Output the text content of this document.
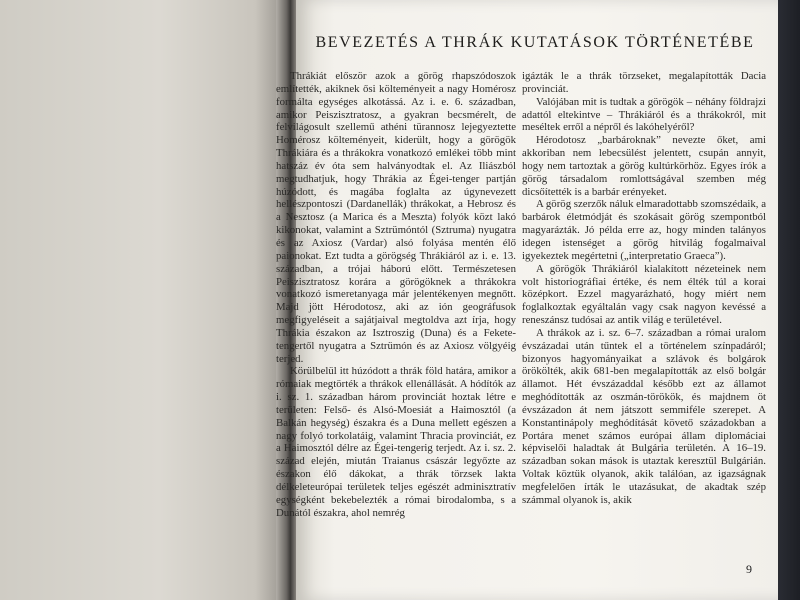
BEVEZETÉS A THRÁK KUTATÁSOK TÖRTÉNETÉBE

Thrákiát először azok a görög rhapszódoszok említették, akiknek ősi költeményeit a nagy Homérosz formálta egységes alkotássá. Az i. e. 6. században, amikor Peiszisztratosz, a gyakran becsmérelt, de felvilágosult szellemű athéni türannosz lejegyeztette Homérosz költeményeit, kiderült, hogy a görögök Thrákiára és a thrákokra vonatkozó emlékei több mint hatszáz év óta sem halványodtak el. Az Iliászból megtudhatjuk, hogy Thrákia az Égei-tenger partján húzódott, és magába foglalta az úgynevezett hellészpontoszi (Dardanellák) thrákokat, a Hebrosz és a Nesztosz (a Marica és a Meszta) folyók közt lakó kikonokat, valamint a Sztrümóntól (Sztruma) nyugatra és az Axiosz (Vardar) alsó folyása mentén élő paionokat. Ezt tudta a görögség Thrákiáról az i. e. 13. században, a trójai háború előtt. Természetesen Peiszisztratosz korára a görögöknek a thrákokra vonatkozó ismeretanyaga már jelentékenyen megnőtt. Majd jött Hérodotosz, aki az ión geográfusok megfigyeléseit a sajátjaival megtoldva azt írja, hogy Thrákia északon az Isztroszig (Duna) és a Fekete-tengertől nyugatra a Sztrümón és az Axiosz völgyéig terjed.

Körülbelül itt húzódott a thrák föld határa, amikor a rómaiak megtörték a thrákok ellenállását. A hódítók az i. sz. 1. században három provinciát hoztak létre e területen: Felső- és Alsó-Moesiát a Haimosztól (a Balkán hegység) északra és a Duna mellett egészen a nagy folyó torkolatáig, valamint Thracia provinciát, ez a Haimosztól délre az Égei-tengerig terjedt. Az i. sz. 2. század elején, miután Traianus császár legyőzte az északon élő dákokat, a thrák törzsek lakta délkeleteurópai területek teljes egészét adminisztratív egységként bekebelezték a római birodalomba, s a Dunától északra, ahol nemrég

igázták le a thrák törzseket, megalapították Dacia provinciát.

Valójában mit is tudtak a görögök – néhány földrajzi adattól eltekintve – Thrákiáról és a thrákokról, mit meséltek erről a népről és lakóhelyéről?

Hérodotosz „barbároknak” nevezte őket, ami akkoriban nem lebecsülést jelentett, csupán annyit, hogy nem tartoztak a görög kultúrkörhöz. Egyes írók a görög társadalom romlottságával szemben még dicsőítették is a barbár erényeket.

A görög szerzők náluk elmaradottabb szomszédaik, a barbárok életmódját és szokásait görög szempontból magyarázták. Jó példa erre az, hogy minden talányos idegen istenséget a görög hitvilág fogalmaival igyekeztek megértetni („interpretatio Graeca”).

A görögök Thrákiáról kialakított nézeteinek nem volt historiográfiai értéke, és nem élték túl a korai középkort. Ezzel magyarázható, hogy miért nem foglalkoztak egyáltalán vagy csak nagyon kevéssé a reneszánsz tudósai az antik világ e területével.

A thrákok az i. sz. 6–7. században a római uralom évszázadai után tűntek el a történelem színpadáról; bizonyos hagyományaikat a szlávok és bolgárok örökölték, akik 681-ben megalapították az első bolgár államot. Hét évszázaddal később ezt az államot meghódították az oszmán-törökök, és majdnem öt évszázadon át nem játszott semmiféle szerepet. A Konstantinápoly meghódítását követő századokban a Portára menet számos európai állam diplomáciai képviselői haladtak át Bulgária területén. A 16–19. században sokan mások is utaztak keresztül Bulgárián. Voltak köztük olyanok, akik találóan, az igazságnak megfelelően írták le utazásukat, de akadtak szép számmal olyanok is, akik

9
